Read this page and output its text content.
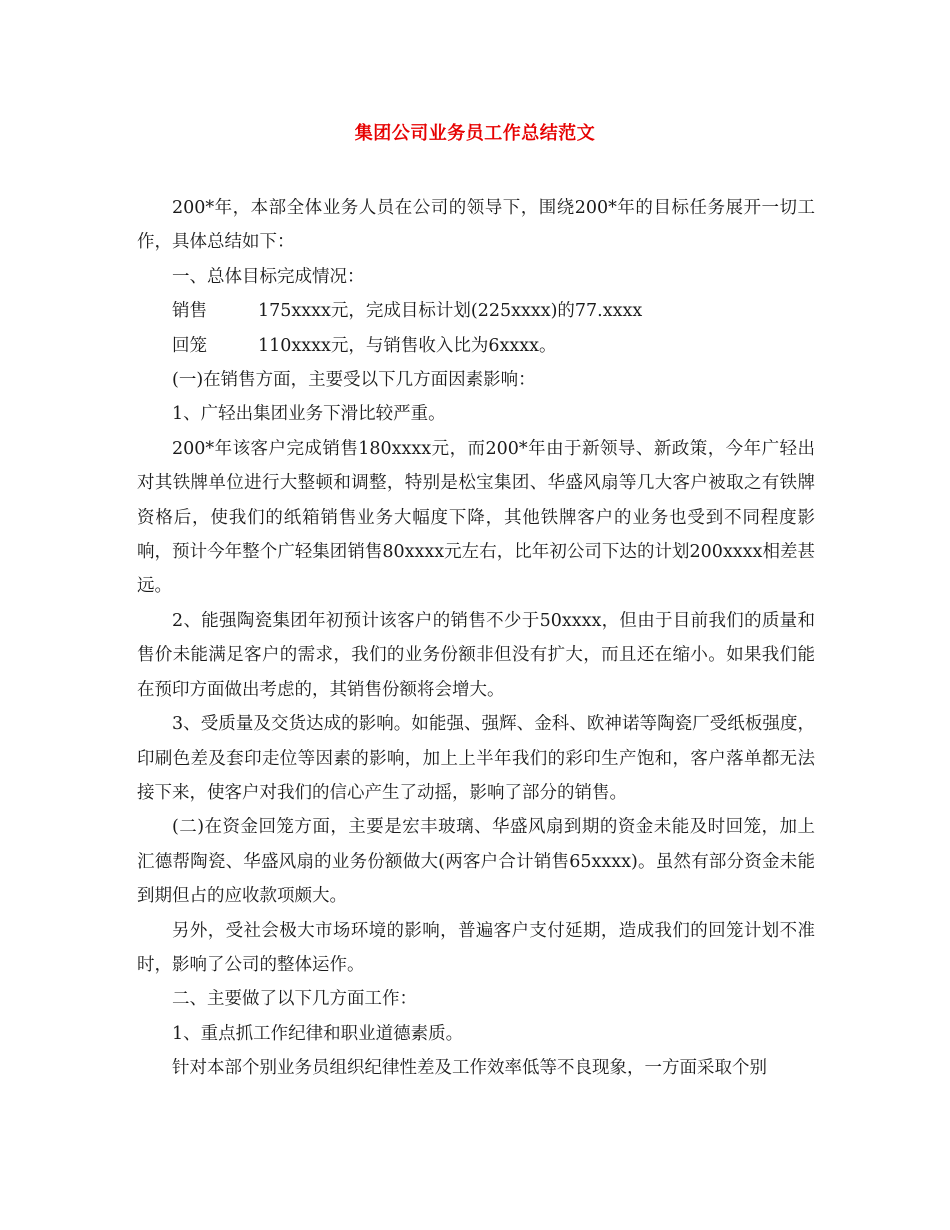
集团公司业务员工作总结范文

200*年，本部全体业务人员在公司的领导下，围绕200*年的目标任务展开一切工作，具体总结如下：

一、总体目标完成情况：

销售	175xxxx元，完成目标计划(225xxxx)的77.xxxx
回笼	110xxxx元，与销售收入比为6xxxx。

(一)在销售方面，主要受以下几方面因素影响：

1、广轻出集团业务下滑比较严重。

200*年该客户完成销售180xxxx元，而200*年由于新领导、新政策，今年广轻出对其铁牌单位进行大整顿和调整，特别是松宝集团、华盛风扇等几大客户被取之有铁牌资格后，使我们的纸箱销售业务大幅度下降，其他铁牌客户的业务也受到不同程度影响，预计今年整个广轻集团销售80xxxx元左右，比年初公司下达的计划200xxxx相差甚远。

2、能强陶瓷集团年初预计该客户的销售不少于50xxxx，但由于目前我们的质量和售价未能满足客户的需求，我们的业务份额非但没有扩大，而且还在缩小。如果我们能在预印方面做出考虑的，其销售份额将会增大。

3、受质量及交货达成的影响。如能强、强辉、金科、欧神诺等陶瓷厂受纸板强度，印刷色差及套印走位等因素的影响，加上上半年我们的彩印生产饱和，客户落单都无法接下来，使客户对我们的信心产生了动摇，影响了部分的销售。

(二)在资金回笼方面，主要是宏丰玻璃、华盛风扇到期的资金未能及时回笼，加上汇德帮陶瓷、华盛风扇的业务份额做大(两客户合计销售65xxxx)。虽然有部分资金未能到期但占的应收款项颇大。

另外，受社会极大市场环境的影响，普遍客户支付延期，造成我们的回笼计划不准时，影响了公司的整体运作。

二、主要做了以下几方面工作：

1、重点抓工作纪律和职业道德素质。

针对本部个别业务员组织纪律性差及工作效率低等不良现象，一方面采取个别
